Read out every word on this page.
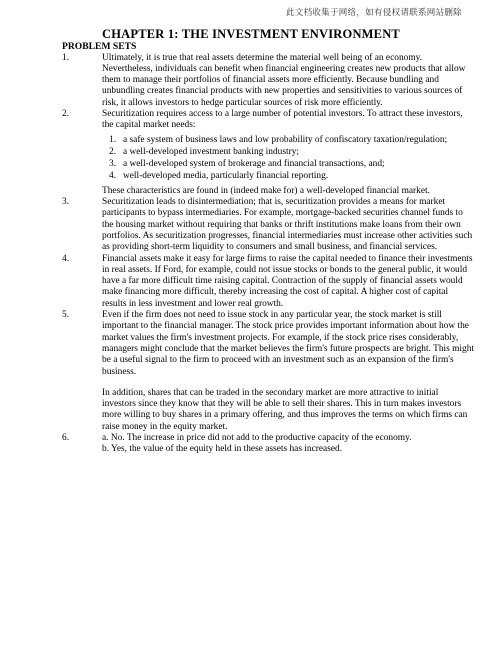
此文档收集于网络，如有侵权请联系网站删除
CHAPTER 1: THE INVESTMENT ENVIRONMENT
PROBLEM SETS
1.	Ultimately, it is true that real assets determine the material well being of an economy. Nevertheless, individuals can benefit when financial engineering creates new products that allow them to manage their portfolios of financial assets more efficiently. Because bundling and unbundling creates financial products with new properties and sensitivities to various sources of risk, it allows investors to hedge particular sources of risk more efficiently.

2.	Securitization requires access to a large number of potential investors. To attract these investors, the capital market needs:

1. a safe system of business laws and low probability of confiscatory taxation/regulation;
2. a well-developed investment banking industry;
3. a well-developed system of brokerage and financial transactions, and;
4. well-developed media, particularly financial reporting.

These characteristics are found in (indeed make for) a well-developed financial market.

3.	Securitization leads to disintermediation; that is, securitization provides a means for market participants to bypass intermediaries. For example, mortgage-backed securities channel funds to the housing market without requiring that banks or thrift institutions make loans from their own portfolios. As securitization progresses, financial intermediaries must increase other activities such as providing short-term liquidity to consumers and small business, and financial services.

4.	Financial assets make it easy for large firms to raise the capital needed to finance their investments in real assets. If Ford, for example, could not issue stocks or bonds to the general public, it would have a far more difficult time raising capital. Contraction of the supply of financial assets would make financing more difficult, thereby increasing the cost of capital. A higher cost of capital results in less investment and lower real growth.

5.	Even if the firm does not need to issue stock in any particular year, the stock market is still important to the financial manager. The stock price provides important information about how the market values the firm's investment projects. For example, if the stock price rises considerably, managers might conclude that the market believes the firm's future prospects are bright. This might be a useful signal to the firm to proceed with an investment such as an expansion of the firm's business.

In addition, shares that can be traded in the secondary market are more attractive to initial investors since they know that they will be able to sell their shares. This in turn makes investors more willing to buy shares in a primary offering, and thus improves the terms on which firms can raise money in the equity market.

6.	a. No. The increase in price did not add to the productive capacity of the economy.
b. Yes, the value of the equity held in these assets has increased.
